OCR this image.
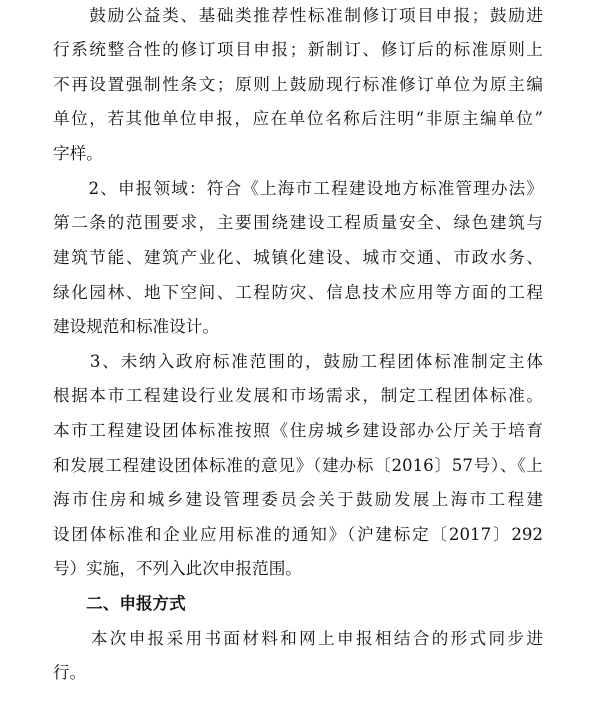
　　鼓励公益类、基础类推荐性标准制修订项目申报；鼓励进
行系统整合性的修订项目申报；新制订、修订后的标准原则上
不再设置强制性条文；原则上鼓励现行标准修订单位为原主编
单位，若其他单位申报，应在单位名称后注明“非原主编单位”
字样。
　　2、申报领域：符合《上海市工程建设地方标准管理办法》
第二条的范围要求，主要围绕建设工程质量安全、绿色建筑与
建筑节能、建筑产业化、城镇化建设、城市交通、市政水务、
绿化园林、地下空间、工程防灾、信息技术应用等方面的工程
建设规范和标准设计。
　　3、未纳入政府标准范围的，鼓励工程团体标准制定主体
根据本市工程建设行业发展和市场需求，制定工程团体标准。
本市工程建设团体标准按照《住房城乡建设部办公厅关于培育
和发展工程建设团体标准的意见》（建办标〔2016〕57号）、《上
海市住房和城乡建设管理委员会关于鼓励发展上海市工程建
设团体标准和企业应用标准的通知》（沪建标定〔2017〕292
号）实施，不列入此次申报范围。
　　二、申报方式
　　本次申报采用书面材料和网上申报相结合的形式同步进
行。
